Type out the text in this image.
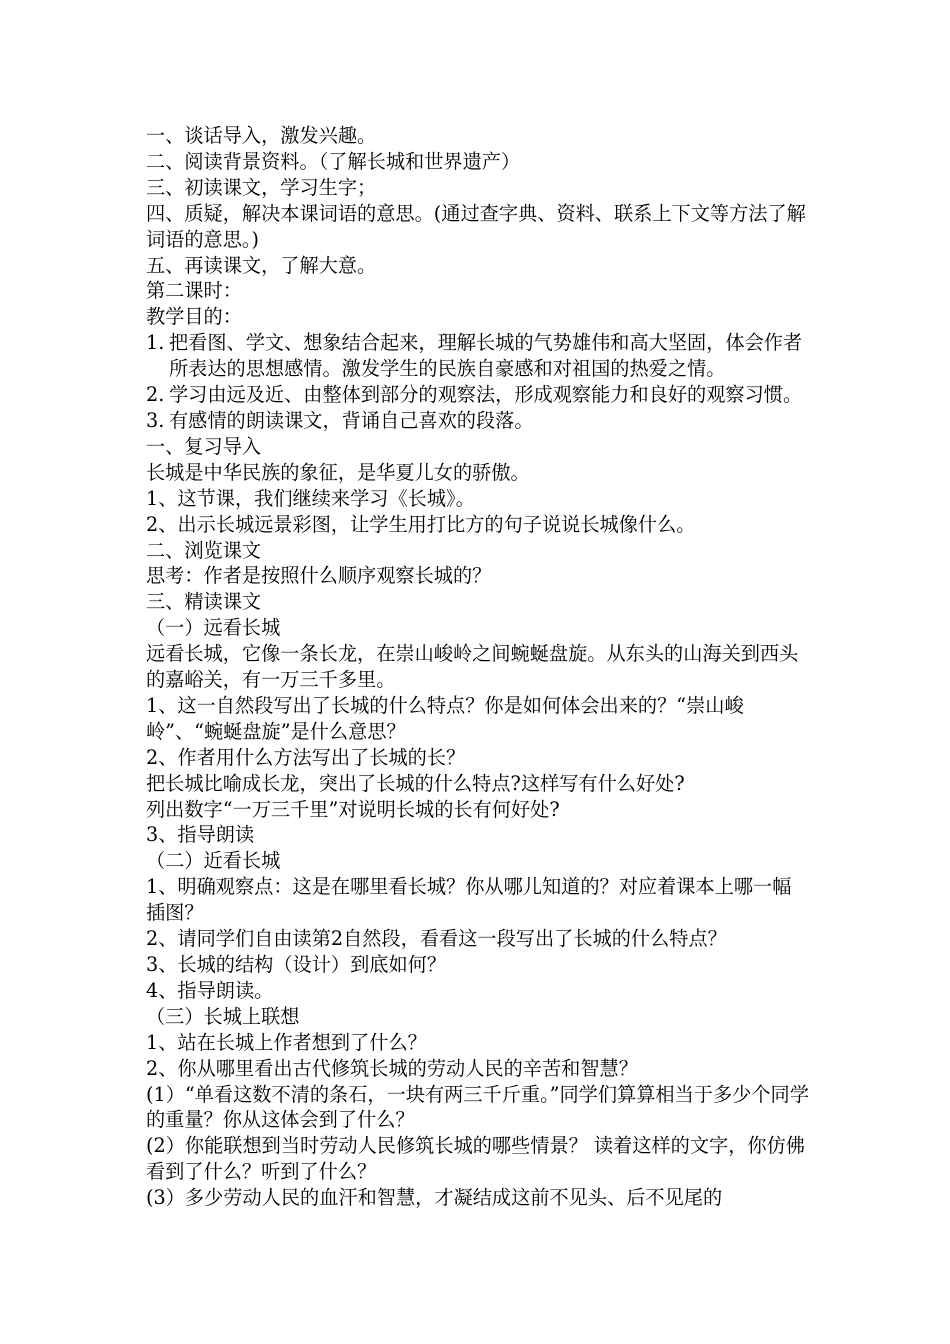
一、谈话导入，激发兴趣。

二、阅读背景资料。（了解长城和世界遗产）

三、初读课文，学习生字；

四、质疑，解决本课词语的意思。(通过查字典、资料、联系上下文等方法了解词语的意思。)

五、再读课文，了解大意。

第二课时：

教学目的：

1. 把看图、学文、想象结合起来，理解长城的气势雄伟和高大坚固，体会作者所表达的思想感情。激发学生的民族自豪感和对祖国的热爱之情。
2. 学习由远及近、由整体到部分的观察法，形成观察能力和良好的观察习惯。
3. 有感情的朗读课文，背诵自己喜欢的段落。

一、复习导入

长城是中华民族的象征，是华夏儿女的骄傲。

1、这节课，我们继续来学习《长城》。

2、出示长城远景彩图，让学生用打比方的句子说说长城像什么。

二、浏览课文

思考：作者是按照什么顺序观察长城的？

三、精读课文

（一）远看长城

远看长城，它像一条长龙，在崇山峻岭之间蜿蜒盘旋。从东头的山海关到西头的嘉峪关，有一万三千多里。

1、这一自然段写出了长城的什么特点？你是如何体会出来的？“崇山峻岭”、“蜿蜒盘旋”是什么意思？

2、作者用什么方法写出了长城的长？

把长城比喻成长龙，突出了长城的什么特点?这样写有什么好处?

列出数字“一万三千里”对说明长城的长有何好处?

3、指导朗读

（二）近看长城

1、明确观察点：这是在哪里看长城？你从哪儿知道的？对应着课本上哪一幅插图？

2、请同学们自由读第2自然段，看看这一段写出了长城的什么特点？

3、长城的结构（设计）到底如何？

4、指导朗读。

（三）长城上联想

1、站在长城上作者想到了什么？

2、你从哪里看出古代修筑长城的劳动人民的辛苦和智慧？

(1）“单看这数不清的条石，一块有两三千斤重。”同学们算算相当于多少个同学的重量？你从这体会到了什么？

(2）你能联想到当时劳动人民修筑长城的哪些情景？ 读着这样的文字，你仿佛看到了什么？听到了什么？

(3）多少劳动人民的血汗和智慧，才凝结成这前不见头、后不见尾的
